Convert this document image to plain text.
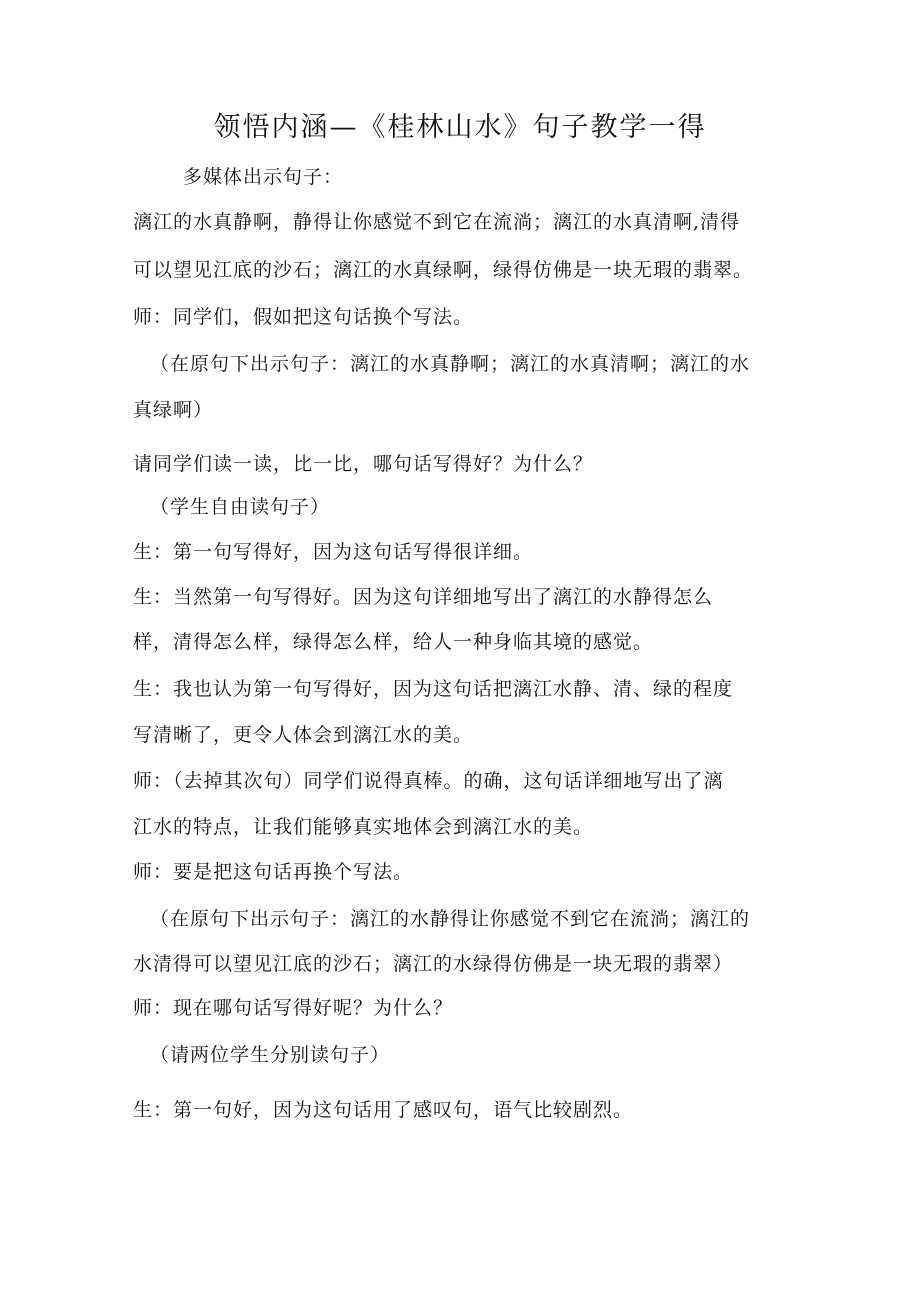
领悟内涵—《桂林山水》句子教学一得
多媒体出示句子：
漓江的水真静啊，静得让你感觉不到它在流淌；漓江的水真清啊,清得
可以望见江底的沙石；漓江的水真绿啊，绿得仿佛是一块无瑕的翡翠。
师：同学们，假如把这句话换个写法。
（在原句下出示句子：漓江的水真静啊；漓江的水真清啊；漓江的水
真绿啊）
请同学们读一读，比一比，哪句话写得好？为什么？
（学生自由读句子）
生：第一句写得好，因为这句话写得很详细。
生：当然第一句写得好。因为这句详细地写出了漓江的水静得怎么
样，清得怎么样，绿得怎么样，给人一种身临其境的感觉。
生：我也认为第一句写得好，因为这句话把漓江水静、清、绿的程度
写清晰了，更令人体会到漓江水的美。
师：（去掉其次句）同学们说得真棒。的确，这句话详细地写出了漓
江水的特点，让我们能够真实地体会到漓江水的美。
师：要是把这句话再换个写法。
（在原句下出示句子：漓江的水静得让你感觉不到它在流淌；漓江的
水清得可以望见江底的沙石；漓江的水绿得仿佛是一块无瑕的翡翠）
师：现在哪句话写得好呢？为什么？
（请两位学生分别读句子）
生：第一句好，因为这句话用了感叹句，语气比较剧烈。
